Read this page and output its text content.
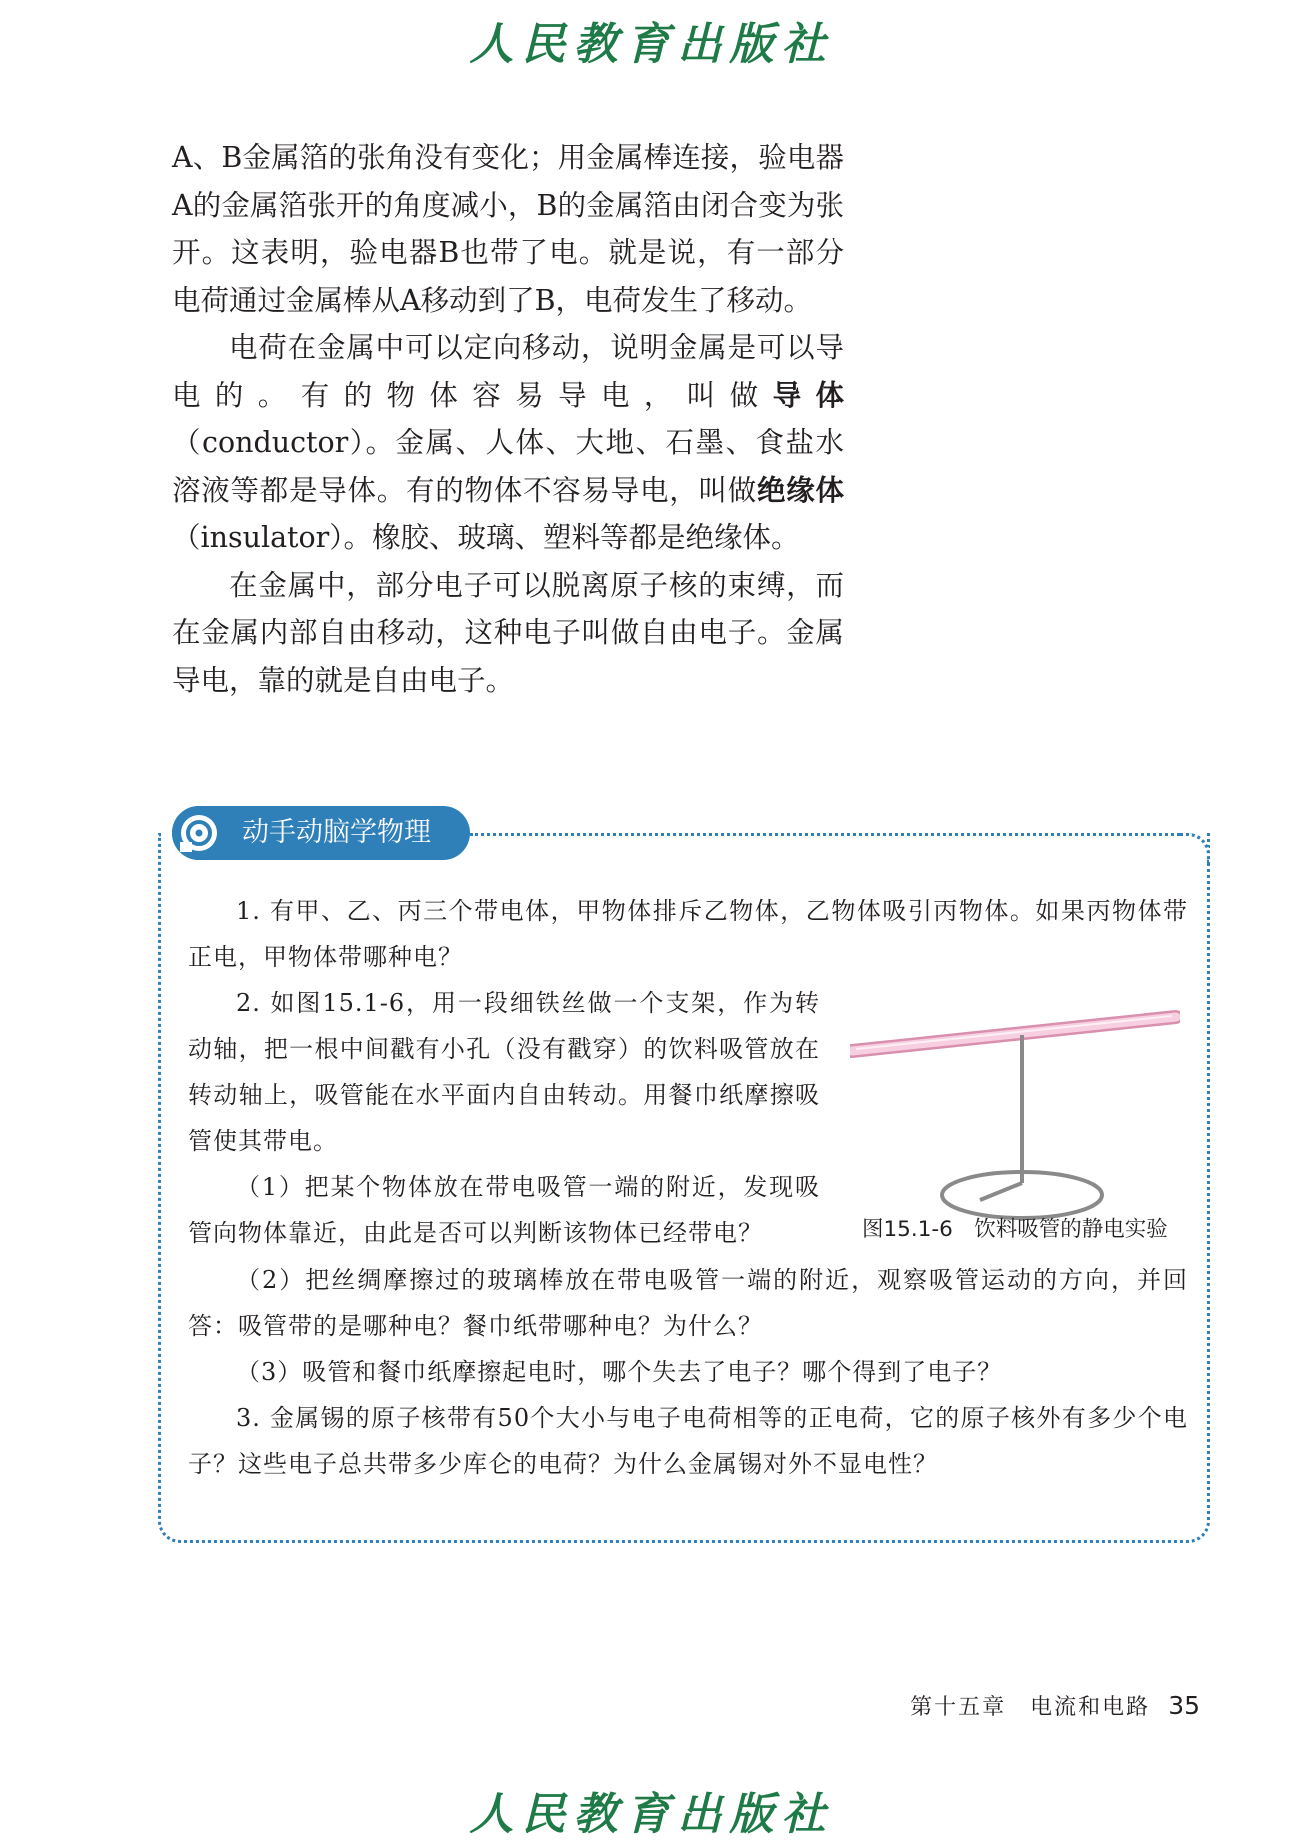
人民教育出版社

A、B金属箔的张角没有变化；用金属棒连接，验电器A的金属箔张开的角度减小，B的金属箔由闭合变为张开。这表明，验电器B也带了电。就是说，有一部分电荷通过金属棒从A移动到了B，电荷发生了移动。

电荷在金属中可以定向移动，说明金属是可以导电的。有的物体容易导电，叫做导体（conductor）。金属、人体、大地、石墨、食盐水溶液等都是导体。有的物体不容易导电，叫做绝缘体（insulator）。橡胶、玻璃、塑料等都是绝缘体。

在金属中，部分电子可以脱离原子核的束缚，而在金属内部自由移动，这种电子叫做自由电子。金属导电，靠的就是自由电子。

动手动脑学物理

1. 有甲、乙、丙三个带电体，甲物体排斥乙物体，乙物体吸引丙物体。如果丙物体带正电，甲物体带哪种电？

2. 如图15.1-6，用一段细铁丝做一个支架，作为转动轴，把一根中间戳有小孔（没有戳穿）的饮料吸管放在转动轴上，吸管能在水平面内自由转动。用餐巾纸摩擦吸管使其带电。

（1）把某个物体放在带电吸管一端的附近，发现吸管向物体靠近，由此是否可以判断该物体已经带电？

（2）把丝绸摩擦过的玻璃棒放在带电吸管一端的附近，观察吸管运动的方向，并回答：吸管带的是哪种电？餐巾纸带哪种电？为什么？

（3）吸管和餐巾纸摩擦起电时，哪个失去了电子？哪个得到了电子？

3. 金属锡的原子核带有50个大小与电子电荷相等的正电荷，它的原子核外有多少个电子？这些电子总共带多少库仑的电荷？为什么金属锡对外不显电性？

图15.1-6　饮料吸管的静电实验
第十五章　电流和电路 35
人民教育出版社
